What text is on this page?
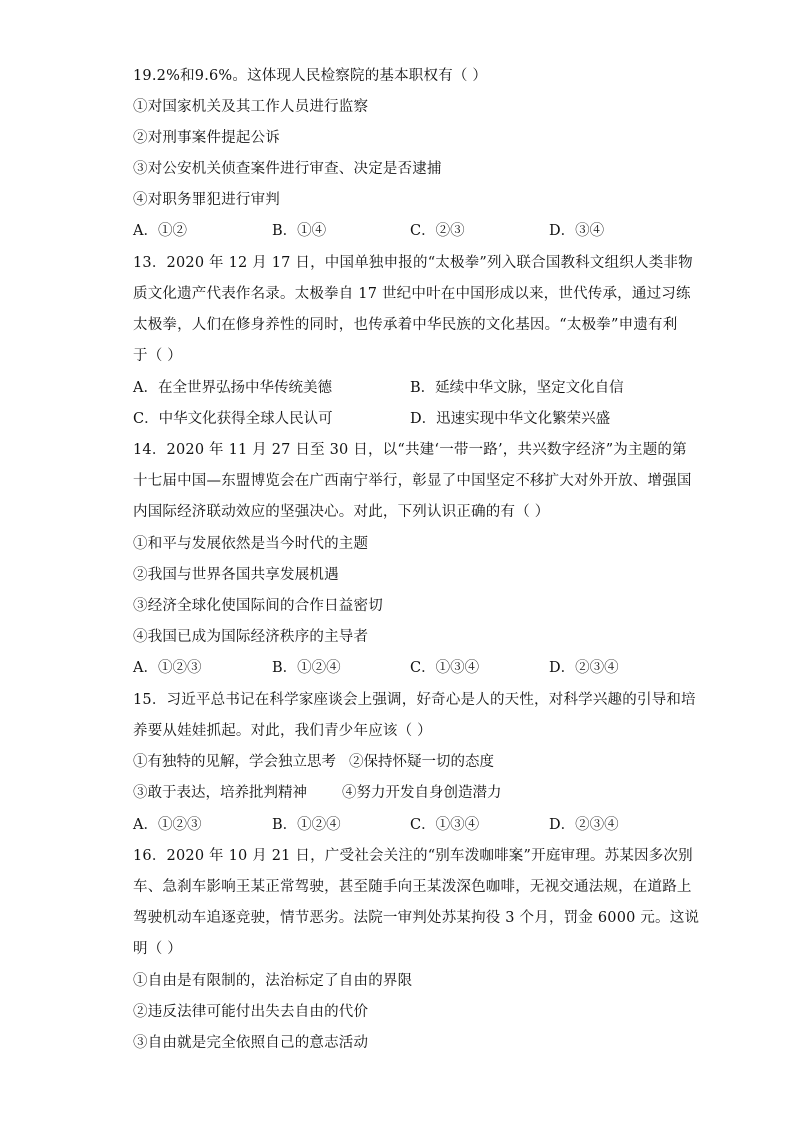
19.2%和9.6%。这体现人民检察院的基本职权有（ ）
①对国家机关及其工作人员进行监察
②对刑事案件提起公诉
③对公安机关侦查案件进行审查、决定是否逮捕
④对职务罪犯进行审判
A．①②	B．①④	C．②③	D．③④
13．2020 年 12 月 17 日，中国单独申报的“太极拳”列入联合国教科文组织人类非物
质文化遗产代表作名录。太极拳自 17 世纪中叶在中国形成以来，世代传承，通过习练
太极拳，人们在修身养性的同时，也传承着中华民族的文化基因。“太极拳”申遗有利
于（ ）
A．在全世界弘扬中华传统美德	B．延续中华文脉，坚定文化自信
C．中华文化获得全球人民认可	D．迅速实现中华文化繁荣兴盛
14．2020 年 11 月 27 日至 30 日，以“共建‘一带一路’，共兴数字经济”为主题的第
十七届中国—东盟博览会在广西南宁举行，彰显了中国坚定不移扩大对外开放、增强国
内国际经济联动效应的坚强决心。对此，下列认识正确的有（ ）
①和平与发展依然是当今时代的主题
②我国与世界各国共享发展机遇
③经济全球化使国际间的合作日益密切
④我国已成为国际经济秩序的主导者
A．①②③	B．①②④	C．①③④	D．②③④
15．习近平总书记在科学家座谈会上强调，好奇心是人的天性，对科学兴趣的引导和培
养要从娃娃抓起。对此，我们青少年应该（ ）
①有独特的见解，学会独立思考 ②保持怀疑一切的态度
③敢于表达，培养批判精神 ④努力开发自身创造潜力
A．①②③	B．①②④	C．①③④	D．②③④
16．2020 年 10 月 21 日，广受社会关注的“别车泼咖啡案”开庭审理。苏某因多次别
车、急刹车影响王某正常驾驶，甚至随手向王某泼深色咖啡，无视交通法规，在道路上
驾驶机动车追逐竞驶，情节恶劣。法院一审判处苏某拘役 3 个月，罚金 6000 元。这说
明（ ）
①自由是有限制的，法治标定了自由的界限
②违反法律可能付出失去自由的代价
③自由就是完全依照自己的意志活动
